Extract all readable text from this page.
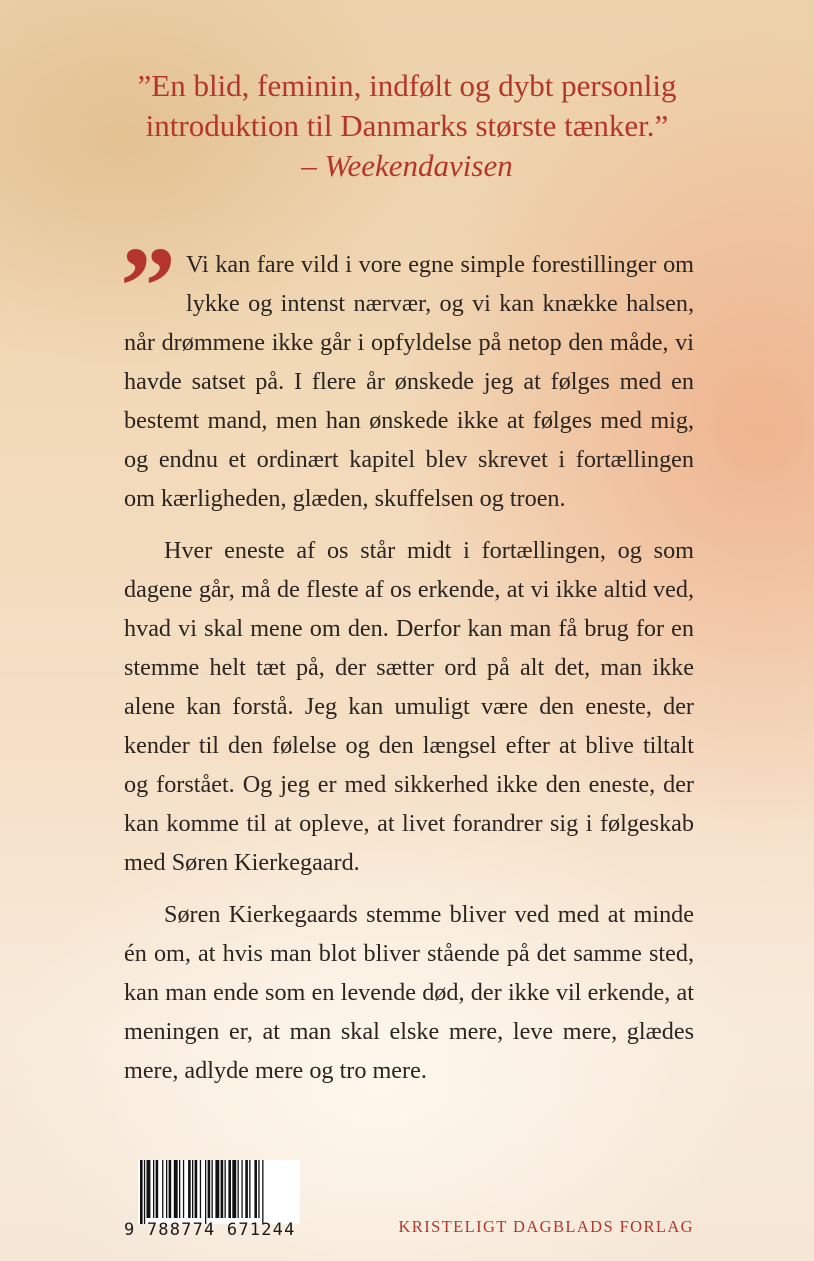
”En blid, feminin, indfølt og dybt personlig
introduktion til Danmarks største tænker.”
– Weekendavisen

” Vi kan fare vild i vore egne simple forestillinger om lykke og intenst nærvær, og vi kan knække halsen, når drømmene ikke går i opfyldelse på netop den måde, vi havde satset på. I flere år ønskede jeg at følges med en bestemt mand, men han ønskede ikke at følges med mig, og endnu et ordinært kapitel blev skrevet i fortællingen om kærligheden, glæden, skuffelsen og troen.

Hver eneste af os står midt i fortællingen, og som dagene går, må de fleste af os erkende, at vi ikke altid ved, hvad vi skal mene om den. Derfor kan man få brug for en stemme helt tæt på, der sætter ord på alt det, man ikke alene kan forstå. Jeg kan umuligt være den eneste, der kender til den følelse og den længsel efter at blive tiltalt og forstået. Og jeg er med sikkerhed ikke den eneste, der kan komme til at opleve, at livet forandrer sig i følgeskab med Søren Kierkegaard.

Søren Kierkegaards stemme bliver ved med at minde én om, at hvis man blot bliver stående på det samme sted, kan man ende som en levende død, der ikke vil erkende, at meningen er, at man skal elske mere, leve mere, glædes mere, adlyde mere og tro mere.

9 788774 671244	KRISTELIGT DAGBLADS FORLAG
